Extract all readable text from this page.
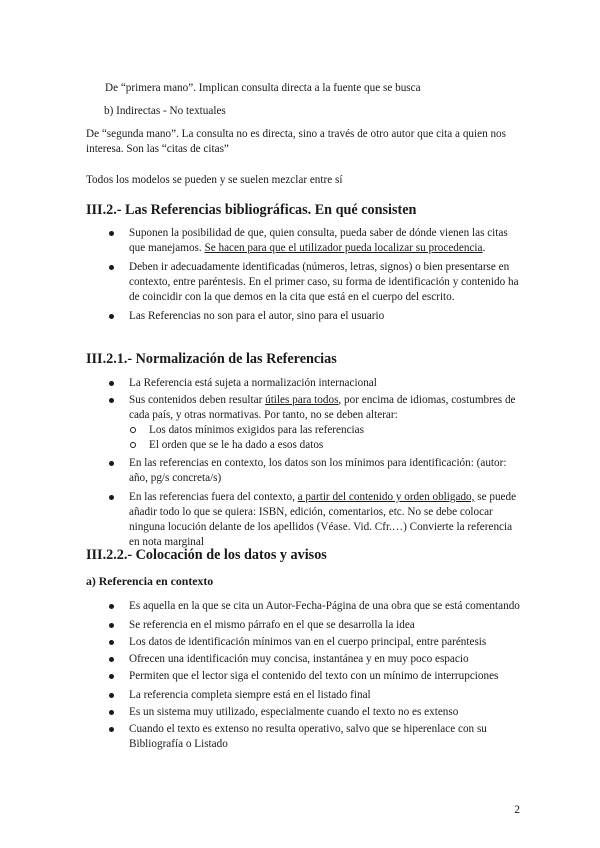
De “primera mano”. Implican consulta directa a la fuente que se busca

b) Indirectas - No textuales

De “segunda mano”. La consulta no es directa, sino a través de otro autor que cita a quien nos interesa. Son las “citas de citas”

Todos los modelos se pueden y se suelen mezclar entre sí

III.2.- Las Referencias bibliográficas. En qué consisten
Suponen la posibilidad de que, quien consulta, pueda saber de dónde vienen las citas que manejamos. Se hacen para que el utilizador pueda localizar su procedencia.
Deben ir adecuadamente identificadas (números, letras, signos) o bien presentarse en contexto, entre paréntesis. En el primer caso, su forma de identificación y contenido ha de coincidir con la que demos en la cita que está en el cuerpo del escrito.
Las Referencias no son para el autor, sino para el usuario
III.2.1.- Normalización de las Referencias
La Referencia está sujeta a normalización internacional
Sus contenidos deben resultar útiles para todos, por encima de idiomas, costumbres de cada país, y otras normativas. Por tanto, no se deben alterar:
Los datos mínimos exigidos para las referencias
El orden que se le ha dado a esos datos
En las referencias en contexto, los datos son los mínimos para identificación: (autor: año, pg/s concreta/s)
En las referencias fuera del contexto, a partir del contenido y orden obligado, se puede añadir todo lo que se quiera: ISBN, edición, comentarios, etc. No se debe colocar ninguna locución delante de los apellidos (Véase. Vid. Cfr.…) Convierte la referencia en nota marginal
III.2.2.- Colocación de los datos y avisos
a) Referencia en contexto
Es aquella en la que se cita un Autor-Fecha-Página de una obra que se está comentando
Se referencia en el mismo párrafo en el que se desarrolla la idea
Los datos de identificación mínimos van en el cuerpo principal, entre paréntesis
Ofrecen una identificación muy concisa, instantánea y en muy poco espacio
Permiten que el lector siga el contenido del texto con un mínimo de interrupciones
La referencia completa siempre está en el listado final
Es un sistema muy utilizado, especialmente cuando el texto no es extenso
Cuando el texto es extenso no resulta operativo, salvo que se hiperenlace con su Bibliografía o Listado
2
